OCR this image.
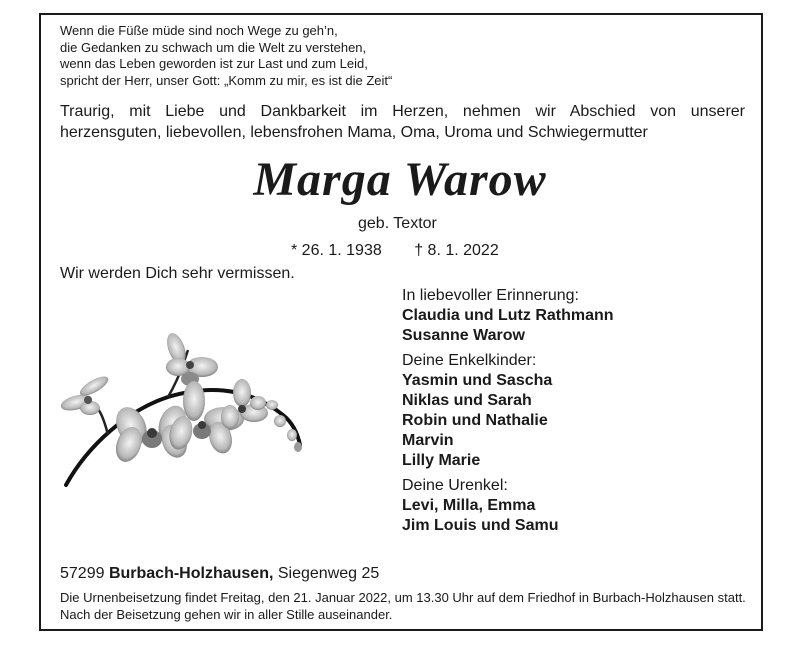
Wenn die Füße müde sind noch Wege zu geh’n,
die Gedanken zu schwach um die Welt zu verstehen,
wenn das Leben geworden ist zur Last und zum Leid,
spricht der Herr, unser Gott: „Komm zu mir, es ist die Zeit“
Traurig, mit Liebe und Dankbarkeit im Herzen, nehmen wir Abschied von unserer
herzensguten, liebevollen, lebensfrohen Mama, Oma, Uroma und Schwiegermutter
Marga Warow
geb. Textor
* 26. 1. 1938 † 8. 1. 2022
Wir werden Dich sehr vermissen.
In liebevoller Erinnerung:
Claudia und Lutz Rathmann
Susanne Warow
Deine Enkelkinder:
Yasmin und Sascha
Niklas und Sarah
Robin und Nathalie
Marvin
Lilly Marie
Deine Urenkel:
Levi, Milla, Emma
Jim Louis und Samu
57299 Burbach-Holzhausen, Siegenweg 25
Die Urnenbeisetzung findet Freitag, den 21. Januar 2022, um 13.30 Uhr auf dem Friedhof in Burbach-Holzhausen statt. Nach der Beisetzung gehen wir in aller Stille auseinander.
